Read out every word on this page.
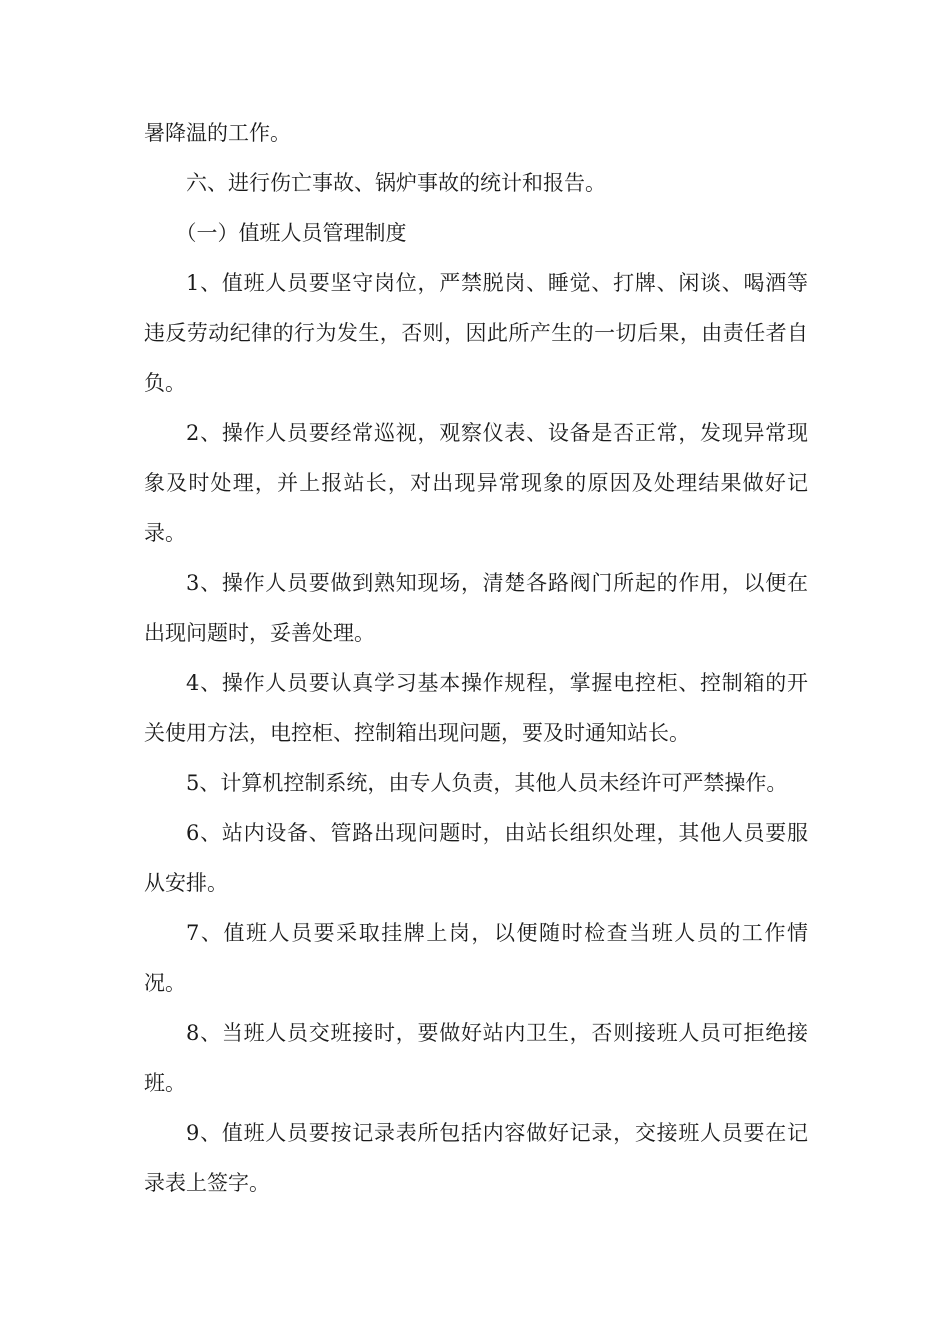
暑降温的工作。

六、进行伤亡事故、锅炉事故的统计和报告。

（一）值班人员管理制度

1、值班人员要坚守岗位，严禁脱岗、睡觉、打牌、闲谈、喝酒等违反劳动纪律的行为发生，否则，因此所产生的一切后果，由责任者自负。

2、操作人员要经常巡视，观察仪表、设备是否正常，发现异常现象及时处理，并上报站长，对出现异常现象的原因及处理结果做好记录。

3、操作人员要做到熟知现场，清楚各路阀门所起的作用，以便在出现问题时，妥善处理。

4、操作人员要认真学习基本操作规程，掌握电控柜、控制箱的开关使用方法，电控柜、控制箱出现问题，要及时通知站长。

5、计算机控制系统，由专人负责，其他人员未经许可严禁操作。

6、站内设备、管路出现问题时，由站长组织处理，其他人员要服从安排。

7、值班人员要采取挂牌上岗，以便随时检查当班人员的工作情况。

8、当班人员交班接时，要做好站内卫生，否则接班人员可拒绝接班。

9、值班人员要按记录表所包括内容做好记录，交接班人员要在记录表上签字。
